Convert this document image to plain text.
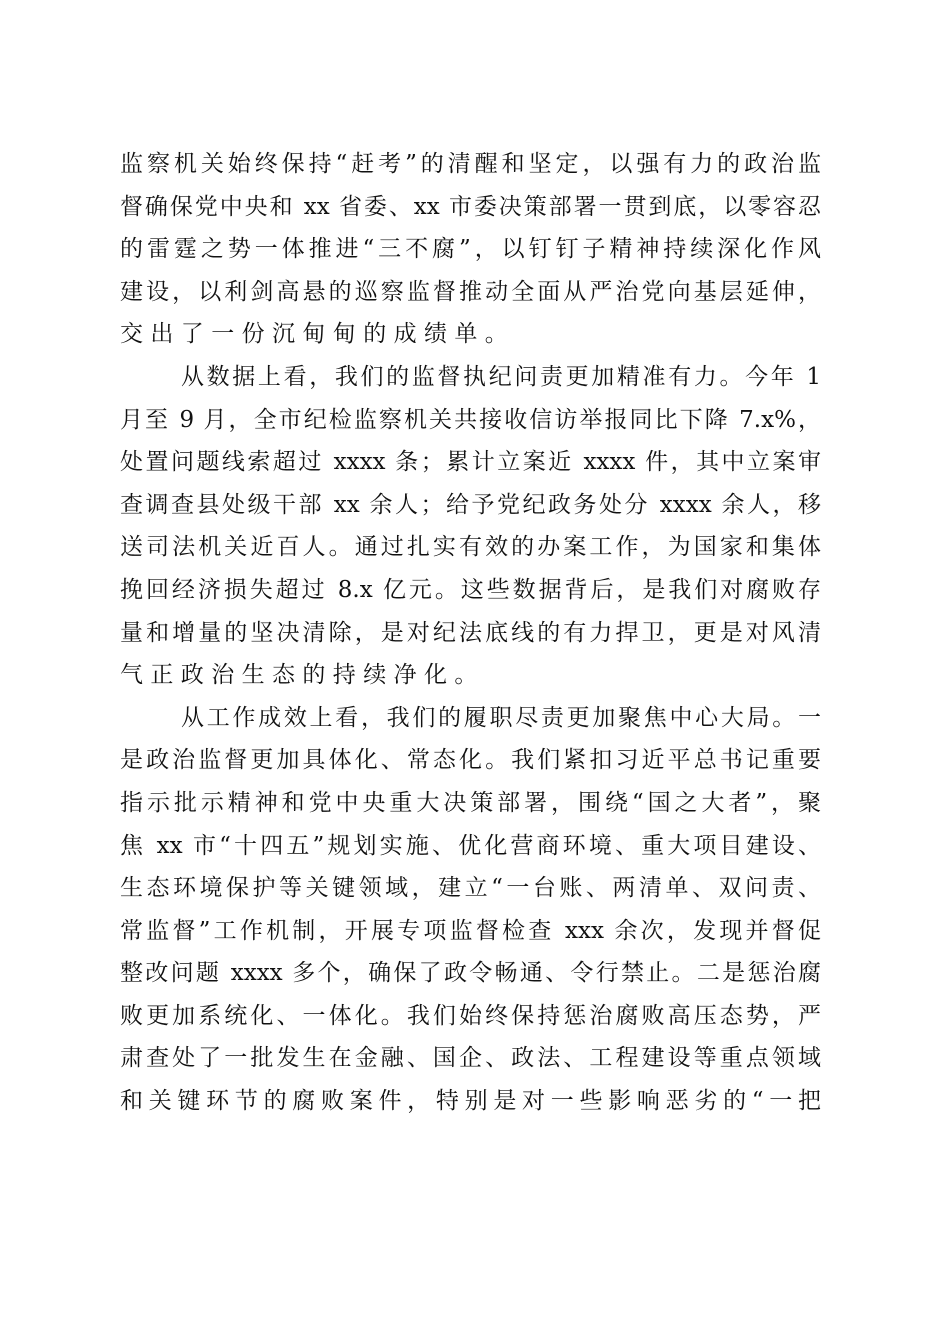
监察机关始终保持“赶考”的清醒和坚定，以强有力的政治监
督确保党中央和 xx 省委、xx 市委决策部署一贯到底，以零容忍
的雷霆之势一体推进“三不腐”，以钉钉子精神持续深化作风
建设，以利剑高悬的巡察监督推动全面从严治党向基层延伸，
交出了一份沉甸甸的成绩单。
从数据上看，我们的监督执纪问责更加精准有力。今年 1
月至 9 月，全市纪检监察机关共接收信访举报同比下降 7.x%，
处置问题线索超过 xxxx 条；累计立案近 xxxx 件，其中立案审
查调查县处级干部 xx 余人；给予党纪政务处分 xxxx 余人，移
送司法机关近百人。通过扎实有效的办案工作，为国家和集体
挽回经济损失超过 8.x 亿元。这些数据背后，是我们对腐败存
量和增量的坚决清除，是对纪法底线的有力捍卫，更是对风清
气正政治生态的持续净化。
从工作成效上看，我们的履职尽责更加聚焦中心大局。一
是政治监督更加具体化、常态化。我们紧扣习近平总书记重要
指示批示精神和党中央重大决策部署，围绕“国之大者”，聚
焦 xx 市“十四五”规划实施、优化营商环境、重大项目建设、
生态环境保护等关键领域，建立“一台账、两清单、双问责、
常监督”工作机制，开展专项监督检查 xxx 余次，发现并督促
整改问题 xxxx 多个，确保了政令畅通、令行禁止。二是惩治腐
败更加系统化、一体化。我们始终保持惩治腐败高压态势，严
肃查处了一批发生在金融、国企、政法、工程建设等重点领域
和关键环节的腐败案件，特别是对一些影响恶劣的“一把
